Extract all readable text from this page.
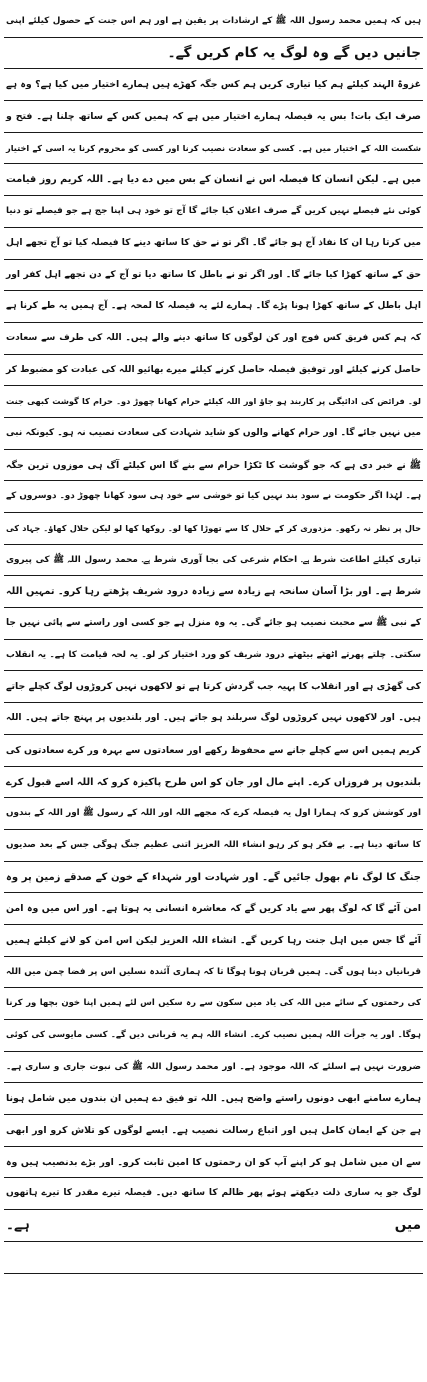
ہیں کہ ہمیں محمد رسول اللہ ﷺ کے ارشادات پر یقین ہے اور ہم اس جنت کے حصول کیلئے اپنی
جانیں دیں گے وہ لوگ یہ کام کریں گے۔
غزوۃ الہند کیلئے ہم کیا تیاری کریں ہم کس جگہ کھڑے ہیں ہمارے اختیار میں کیا ہے؟ وہ ہے
صرف ایک بات! بس یہ فیصلہ ہمارے اختیار میں ہے کہ ہمیں کس کے ساتھ چلنا ہے۔ فتح و
شکست اللہ کے اختیار میں ہے۔ کسی کو سعادت نصیب کرنا اور کسی کو محروم کرنا یہ اسی کے اختیار
میں ہے۔ لیکن انسان کا فیصلہ اس نے انسان کے بس میں دے دیا ہے۔ اللہ کریم روز قیامت
کوئی نئے فیصلے نہیں کریں گے صرف اعلان کیا جائے گا آج تو خود ہی اپنا جج ہے جو فیصلے تو دنیا
میں کرتا رہا ان کا نفاذ آج ہو جائے گا۔ اگر تو نے حق کا ساتھ دینے کا فیصلہ کیا تو آج تجھے اہل
حق کے ساتھ کھڑا کیا جائے گا۔ اور اگر تو نے باطل کا ساتھ دیا تو آج کے دن تجھے اہل کفر اور
اہل باطل کے ساتھ کھڑا ہونا پڑے گا۔ ہمارے لئے یہ فیصلہ کا لمحہ ہے۔ آج ہمیں یہ طے کرنا ہے
کہ ہم کس فریق کس فوج اور کن لوگوں کا ساتھ دینے والے ہیں۔ اللہ کی طرف سے سعادت
حاصل کرنے کیلئے اور توفیق فیصلہ حاصل کرنے کیلئے میرے بھائیو اللہ کی عبادت کو مضبوط کر
لو۔ فرائض کی ادائیگی پر کاربند ہو جاؤ اور اللہ کیلئے حرام کھانا چھوڑ دو۔ حرام کا گوشت کبھی جنت
میں نہیں جائے گا۔ اور حرام کھانے والوں کو شاید شہادت کی سعادت نصیب نہ ہو۔ کیونکہ نبی
ﷺ نے خبر دی ہے کہ جو گوشت کا ٹکڑا حرام سے بنے گا اس کیلئے آگ ہی موزوں ترین جگہ
ہے۔ لہٰذا اگر حکومت نے سود بند نہیں کیا تو خوشی سے خود ہی سود کھانا چھوڑ دو۔ دوسروں کے
حال پر نظر نہ رکھو۔ مزدوری کر کے حلال کا سے تھوڑا کھا لو۔ روکھا کھا لو لیکن حلال کھاؤ۔ جہاد کی
تیاری کیلئے اطاعت شرط ہے۔ احکام شرعی کی بجا آوری شرط ہے۔ محمد رسول اللہ ﷺ کی پیروی
شرط ہے۔ اور بڑا آسان سانحہ ہے زیادہ سے زیادہ درود شریف پڑھتے رہا کرو۔ تمہیں اللہ
کے نبی ﷺ سے محبت نصیب ہو جائے گی۔ یہ وہ منزل ہے جو کسی اور راستے سے پائی نہیں جا
سکتی۔ چلتے پھرتے اٹھتے بیٹھتے درود شریف کو ورد اختیار کر لو۔ یہ لحہ قیامت کا ہے۔ یہ انقلاب
کی گھڑی ہے اور انقلاب کا پہیہ جب گردش کرتا ہے تو لاکھوں نہیں کروڑوں لوگ کچلے جاتے
ہیں۔ اور لاکھوں نہیں کروڑوں لوگ سربلند ہو جاتے ہیں۔ اور بلندیوں پر پہنچ جاتے ہیں۔ اللہ
کریم ہمیں اس سے کچلے جانے سے محفوظ رکھے اور سعادتوں سے بہرہ ور کرے سعادتوں کی
بلندیوں پر فروزاں کرے۔ اپنے مال اور جان کو اس طرح پاکیزہ کرو کہ اللہ اسے قبول کرے
اور کوشش کرو کہ ہمارا اول یہ فیصلہ کرے کہ مجھے اللہ اور اللہ کے رسول ﷺ اور اللہ کے بندوں
کا ساتھ دینا ہے۔ بے فکر ہو کر رہو انشاء اللہ العزیز اتنی عظیم جنگ ہوگی جس کے بعد صدیوں
جنگ کا لوگ نام بھول جائیں گے۔ اور شہادت اور شہداء کے خون کے صدقے زمین پر وہ
امن آئے گا کہ لوگ پھر سے یاد کریں گے کہ معاشرہ انسانی یہ ہوتا ہے۔ اور اس میں وہ امن
آئے گا جس میں اہل جنت رہا کریں گے۔ انشاء اللہ العزیز لیکن اس امن کو لانے کیلئے ہمیں
قربانیاں دینا ہوں گی۔ ہمیں قربان ہونا ہوگا تا کہ ہماری آئندہ نسلیں اس پر فضا چمن میں اللہ
کی رحمتوں کے سائے میں اللہ کی یاد میں سکون سے رہ سکیں اس لئے ہمیں اپنا خون بچھا ور کرنا
ہوگا۔ اور یہ جرأت اللہ ہمیں نصیب کرے۔ انشاء اللہ ہم یہ قربانی دیں گے۔ کسی مایوسی کی کوئی
ضرورت نہیں ہے اسلئے کہ اللہ موجود ہے۔ اور محمد رسول اللہ ﷺ کی نبوت جاری و ساری ہے۔
ہمارے سامنے ابھی دونوں راستے واضح ہیں۔ اللہ تو فیق دے ہمیں ان بندوں میں شامل ہونا
ہے جن کے ایمان کامل ہیں اور اتباع رسالت نصیب ہے۔ ایسے لوگوں کو تلاش کرو اور ابھی
سے ان میں شامل ہو کر اپنے آپ کو ان رحمتوں کا امین ثابت کرو۔ اور بڑے بدنصیب ہیں وہ
لوگ جو یہ ساری ذلت دیکھتے ہوئے پھر ظالم کا ساتھ دیں۔ فیصلہ تیرے مقدر کا تیرے ہاتھوں
میں ہے۔
